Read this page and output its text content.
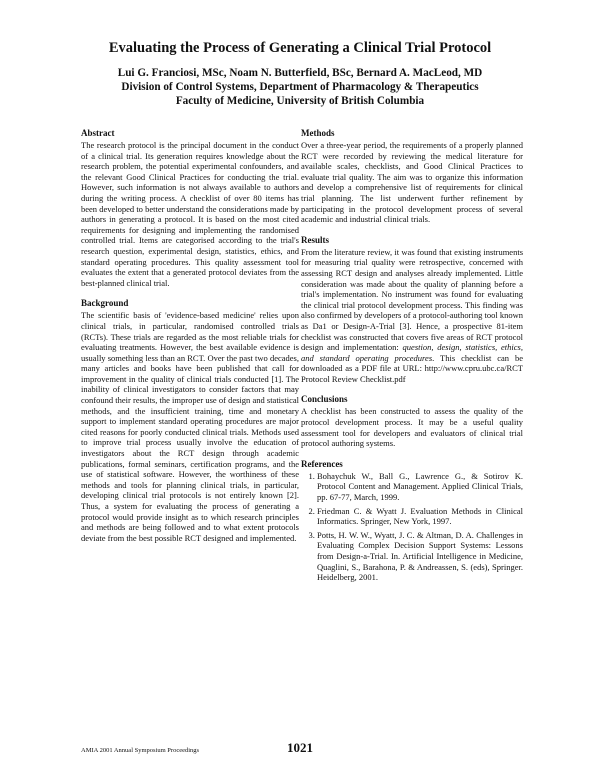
Evaluating the Process of Generating a Clinical Trial Protocol
Lui G. Franciosi, MSc, Noam N. Butterfield, BSc, Bernard A. MacLeod, MD
Division of Control Systems, Department of Pharmacology & Therapeutics
Faculty of Medicine, University of British Columbia
Abstract

The research protocol is the principal document in the conduct of a clinical trial. Its generation requires knowledge about the research problem, the potential experimental confounders, and the relevant Good Clinical Practices for conducting the trial. However, such information is not always available to authors during the writing process. A checklist of over 80 items has been developed to better understand the considerations made by authors in generating a protocol. It is based on the most cited requirements for designing and implementing the randomised controlled trial. Items are categorised according to the trial's research question, experimental design, statistics, ethics, and standard operating procedures. This quality assessment tool evaluates the extent that a generated protocol deviates from the best-planned clinical trial.

Background

The scientific basis of 'evidence-based medicine' relies upon clinical trials, in particular, randomised controlled trials (RCTs). These trials are regarded as the most reliable trials for evaluating treatments. However, the best available evidence is usually something less than an RCT. Over the past two decades, many articles and books have been published that call for improvement in the quality of clinical trials conducted [1]. The inability of clinical investigators to consider factors that may confound their results, the improper use of design and statistical methods, and the insufficient training, time and monetary support to implement standard operating procedures are major cited reasons for poorly conducted clinical trials. Methods used to improve trial process usually involve the education of investigators about the RCT design through academic publications, formal seminars, certification programs, and the use of statistical software. However, the worthiness of these methods and tools for planning clinical trials, in particular, developing clinical trial protocols is not entirely known [2]. Thus, a system for evaluating the process of generating a protocol would provide insight as to which research principles and methods are being followed and to what extent protocols deviate from the best possible RCT designed and implemented.

Methods

Over a three-year period, the requirements of a properly planned RCT were recorded by reviewing the medical literature for available scales, checklists, and Good Clinical Practices to evaluate trial quality. The aim was to organize this information and develop a comprehensive list of requirements for clinical trial planning. The list underwent further refinement by participating in the protocol development process of several academic and industrial clinical trials.

Results

From the literature review, it was found that existing instruments for measuring trial quality were retrospective, concerned with assessing RCT design and analyses already implemented. Little consideration was made about the quality of planning before a trial's implementation. No instrument was found for evaluating the clinical trial protocol development process. This finding was also confirmed by developers of a protocol-authoring tool known as Da1 or Design-A-Trial [3]. Hence, a prospective 81-item checklist was constructed that covers five areas of RCT protocol design and implementation: question, design, statistics, ethics, and standard operating procedures. This checklist can be downloaded as a PDF file at URL: http://www.cpru.ubc.ca/RCT Protocol Review Checklist.pdf

Conclusions

A checklist has been constructed to assess the quality of the protocol development process. It may be a useful quality assessment tool for developers and evaluators of clinical trial protocol authoring systems.

References
1. Bohaychuk W., Ball G., Lawrence G., & Sotirov K. Protocol Content and Management. Applied Clinical Trials, pp. 67-77, March, 1999.
2. Friedman C. & Wyatt J. Evaluation Methods in Clinical Informatics. Springer, New York, 1997.
3. Potts, H. W. W., Wyatt, J. C. & Altman, D. A. Challenges in Evaluating Complex Decision Support Systems: Lessons from Design-a-Trial. In. Artificial Intelligence in Medicine, Quaglini, S., Barahona, P. & Andreassen, S. (eds), Springer. Heidelberg, 2001.
AMIA 2001 Annual Symposium Proceedings	1021
